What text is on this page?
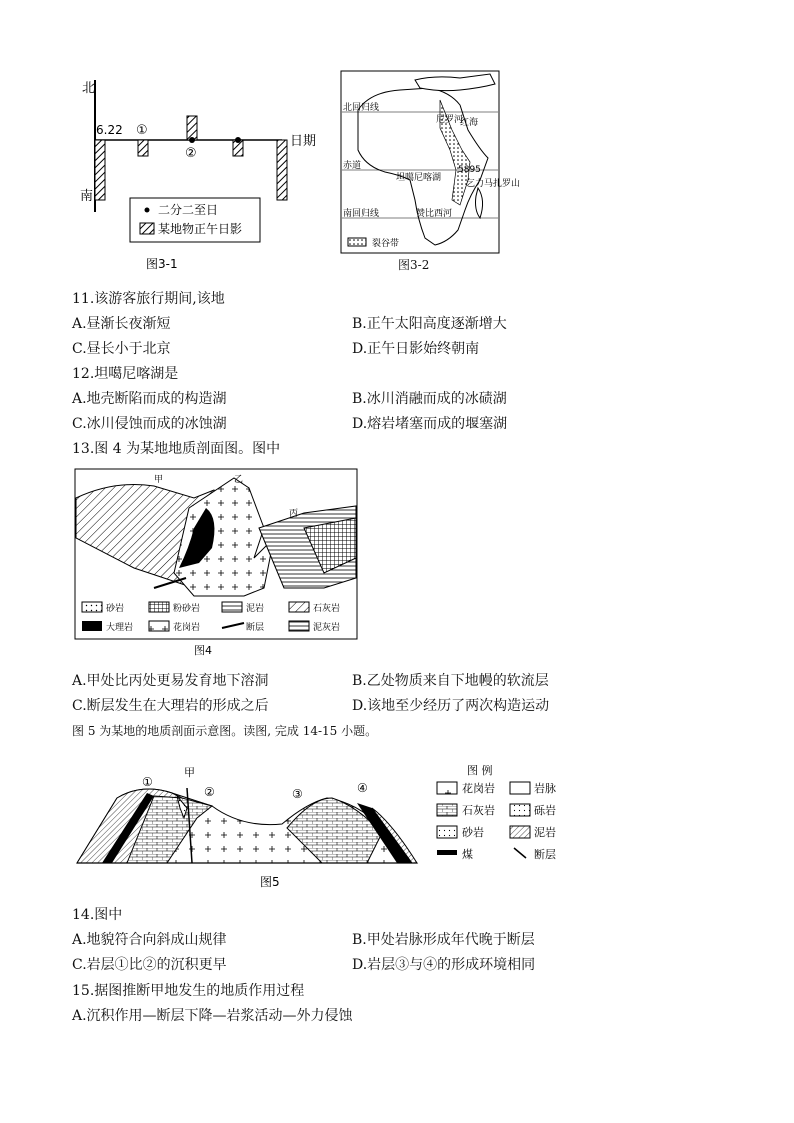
北
南
6.22 ①
②
日期
二分二至日
某地物正午日影
图3-1
北回归线
赤道
南回归线
尼罗河
红海
坦噶尼喀湖
5895
乞力马扎罗山
赞比西河
裂谷带
图3-2
11.该游客旅行期间,该地
A.昼渐长夜渐短	B.正午太阳高度逐渐增大
C.昼长小于北京	D.正午日影始终朝南
12.坦噶尼喀湖是
A.地壳断陷而成的构造湖	B.冰川消融而成的冰碛湖
C.冰川侵蚀而成的冰蚀湖	D.熔岩堵塞而成的堰塞湖
13.图 4 为某地地质剖面图。图中
甲	乙
丙
砂岩	粉砂岩	泥岩	石灰岩
大理岩	花岗岩	断层	泥灰岩
图4
A.甲处比丙处更易发育地下溶洞	B.乙处物质来自下地幔的软流层
C.断层发生在大理岩的形成之后	D.该地至少经历了两次构造运动
图 5 为某地的地质剖面示意图。读图, 完成 14-15 小题。
①
甲
②	③	④
图 例
花岗岩	岩脉
石灰岩	砾岩
砂岩	泥岩
煤	断层
图5
14.图中
A.地貌符合向斜成山规律	B.甲处岩脉形成年代晚于断层
C.岩层①比②的沉积更早	D.岩层③与④的形成环境相同
15.据图推断甲地发生的地质作用过程
A.沉积作用—断层下降—岩浆活动—外力侵蚀
